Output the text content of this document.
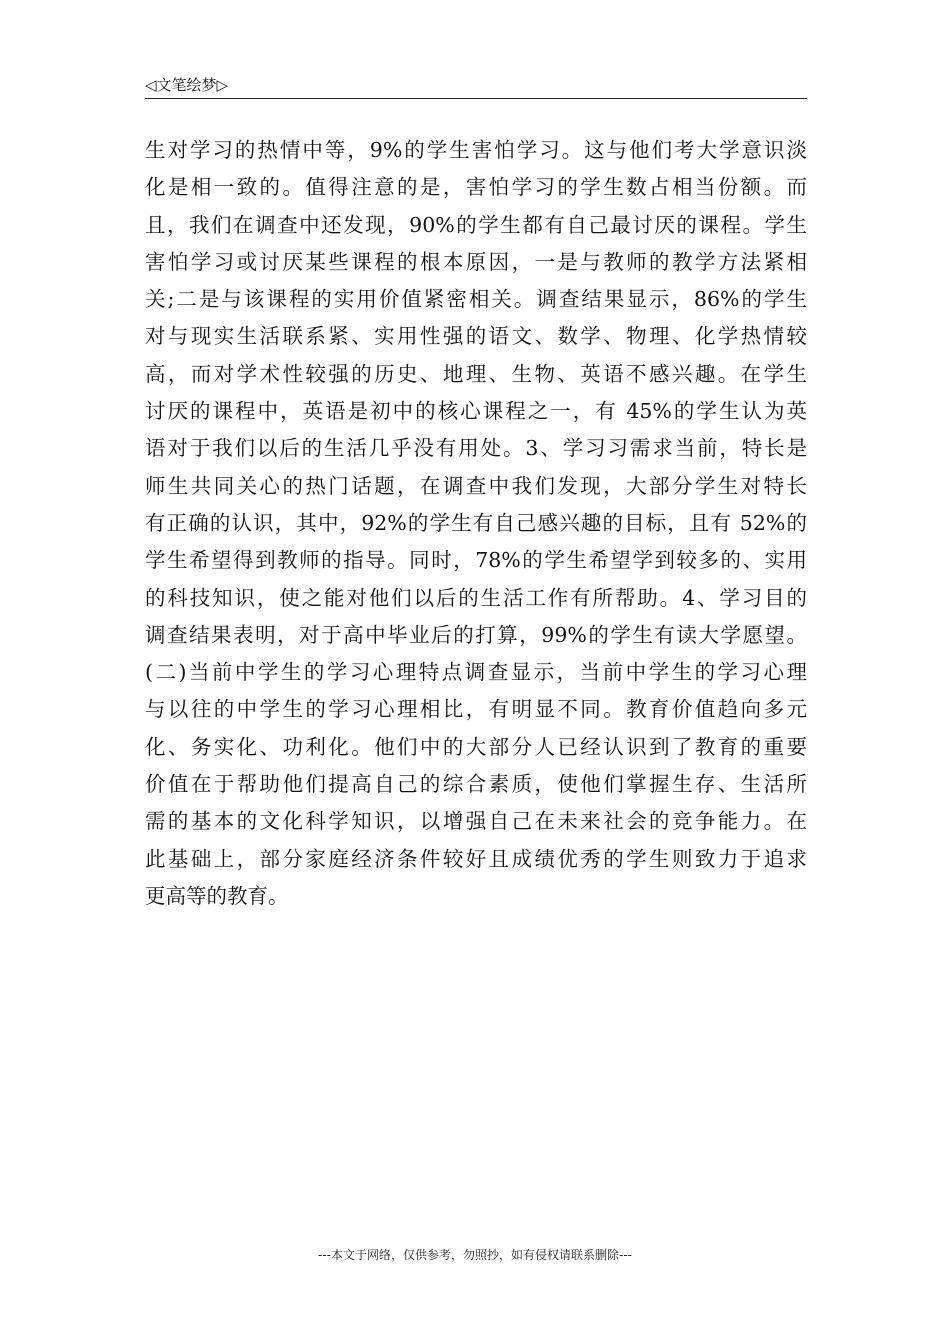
◁文笔绘梦▷
生对学习的热情中等，9%的学生害怕学习。这与他们考大学意识淡
化是相一致的。值得注意的是，害怕学习的学生数占相当份额。而
且，我们在调查中还发现，90%的学生都有自己最讨厌的课程。学生
害怕学习或讨厌某些课程的根本原因，一是与教师的教学方法紧相
关;二是与该课程的实用价值紧密相关。调查结果显示，86%的学生
对与现实生活联系紧、实用性强的语文、数学、物理、化学热情较
高，而对学术性较强的历史、地理、生物、英语不感兴趣。在学生
讨厌的课程中，英语是初中的核心课程之一，有 45%的学生认为英
语对于我们以后的生活几乎没有用处。3、学习习需求当前，特长是
师生共同关心的热门话题，在调查中我们发现，大部分学生对特长
有正确的认识，其中，92%的学生有自己感兴趣的目标，且有 52%的
学生希望得到教师的指导。同时，78%的学生希望学到较多的、实用
的科技知识，使之能对他们以后的生活工作有所帮助。4、学习目的
调查结果表明，对于高中毕业后的打算，99%的学生有读大学愿望。
(二)当前中学生的学习心理特点调查显示，当前中学生的学习心理
与以往的中学生的学习心理相比，有明显不同。教育价值趋向多元
化、务实化、功利化。他们中的大部分人已经认识到了教育的重要
价值在于帮助他们提高自己的综合素质，使他们掌握生存、生活所
需的基本的文化科学知识，以增强自己在未来社会的竞争能力。在
此基础上，部分家庭经济条件较好且成绩优秀的学生则致力于追求
更高等的教育。
---本文于网络，仅供参考，勿照抄，如有侵权请联系删除---
